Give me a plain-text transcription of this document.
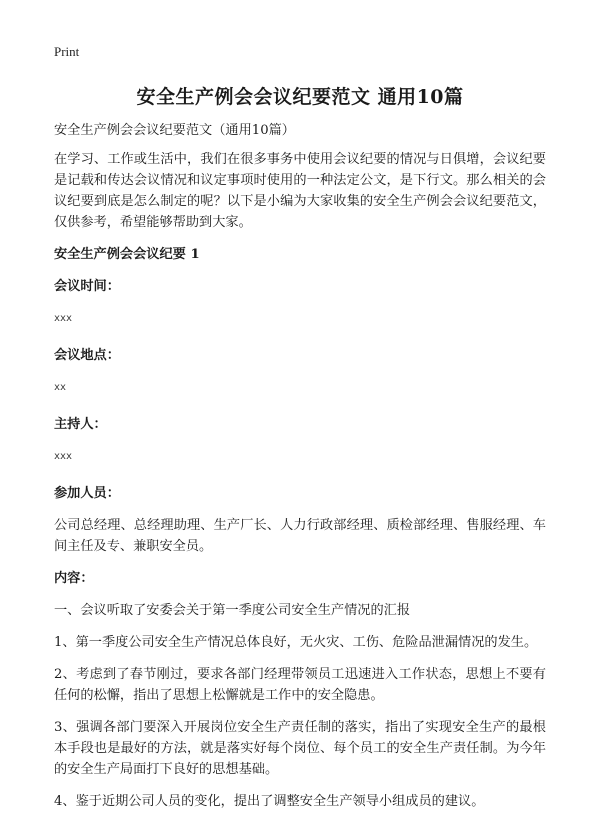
Print
安全生产例会会议纪要范文 通用10篇

安全生产例会会议纪要范文（通用10篇）

在学习、工作或生活中，我们在很多事务中使用会议纪要的情况与日俱增，会议纪要是记载和传达会议情况和议定事项时使用的一种法定公文，是下行文。那么相关的会议纪要到底是怎么制定的呢？以下是小编为大家收集的安全生产例会会议纪要范文，仅供参考，希望能够帮助到大家。

安全生产例会会议纪要 1

会议时间：

xxx

会议地点：

xx

主持人：

xxx

参加人员：

公司总经理、总经理助理、生产厂长、人力行政部经理、质检部经理、售服经理、车间主任及专、兼职安全员。

内容：

一、会议听取了安委会关于第一季度公司安全生产情况的汇报

1、第一季度公司安全生产情况总体良好，无火灾、工伤、危险品泄漏情况的发生。

2、考虑到了春节刚过，要求各部门经理带领员工迅速进入工作状态，思想上不要有任何的松懈，指出了思想上松懈就是工作中的安全隐患。

3、强调各部门要深入开展岗位安全生产责任制的落实，指出了实现安全生产的最根本手段也是最好的方法，就是落实好每个岗位、每个员工的安全生产责任制。为今年的安全生产局面打下良好的思想基础。

4、鉴于近期公司人员的变化，提出了调整安全生产领导小组成员的建议。
